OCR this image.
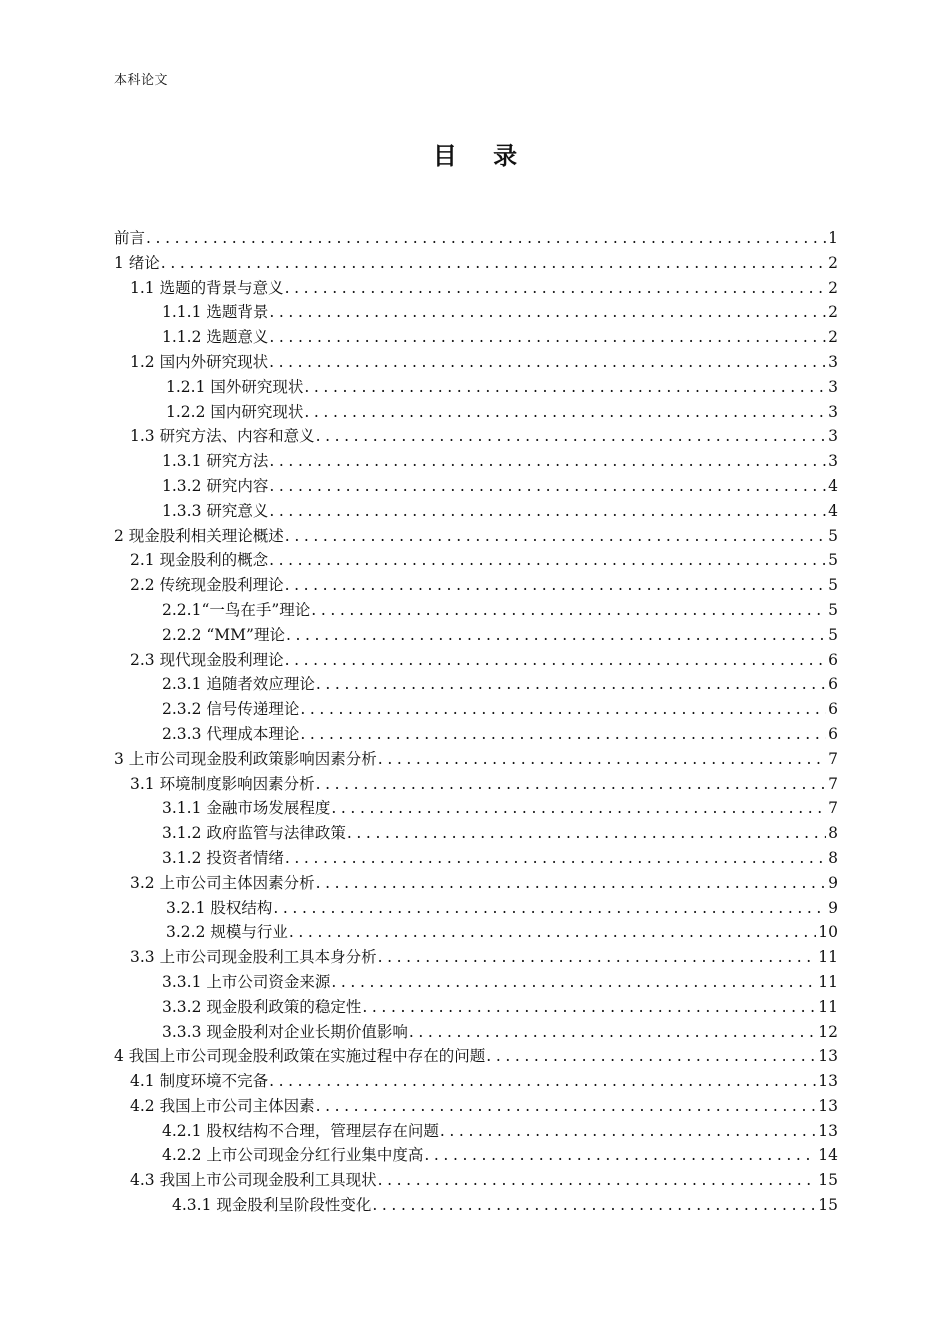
本科论文
目 录
前言 .....	1
1 绪论 .....	2
1.1 选题的背景与意义 .....	2
1.1.1 选题背景 .....	2
1.1.2 选题意义 .....	2
1.2 国内外研究现状 .....	3
1.2.1 国外研究现状 .....	3
1.2.2 国内研究现状 .....	3
1.3 研究方法、内容和意义 .....	3
1.3.1 研究方法 .....	3
1.3.2 研究内容 .....	4
1.3.3 研究意义 .....	4
2 现金股利相关理论概述 .....	5
2.1 现金股利的概念 .....	5
2.2 传统现金股利理论 .....	5
2.2.1“一鸟在手”理论 .....	5
2.2.2 “MM”理论 .....	5
2.3 现代现金股利理论 .....	6
2.3.1 追随者效应理论 .....	6
2.3.2 信号传递理论 .....	6
2.3.3 代理成本理论 .....	6
3 上市公司现金股利政策影响因素分析 .....	7
3.1 环境制度影响因素分析 .....	7
3.1.1 金融市场发展程度 .....	7
3.1.2 政府监管与法律政策 .....	8
3.1.2 投资者情绪 .....	8
3.2 上市公司主体因素分析 .....	9
3.2.1 股权结构 .....	9
3.2.2 规模与行业 .....	10
3.3 上市公司现金股利工具本身分析 .....	11
3.3.1 上市公司资金来源 .....	11
3.3.2 现金股利政策的稳定性 .....	11
3.3.3 现金股利对企业长期价值影响 .....	12
4 我国上市公司现金股利政策在实施过程中存在的问题 .....	13
4.1 制度环境不完备 .....	13
4.2 我国上市公司主体因素 .....	13
4.2.1 股权结构不合理，管理层存在问题 .....	13
4.2.2 上市公司现金分红行业集中度高 .....	14
4.3 我国上市公司现金股利工具现状 .....	15
4.3.1 现金股利呈阶段性变化 .....	15
